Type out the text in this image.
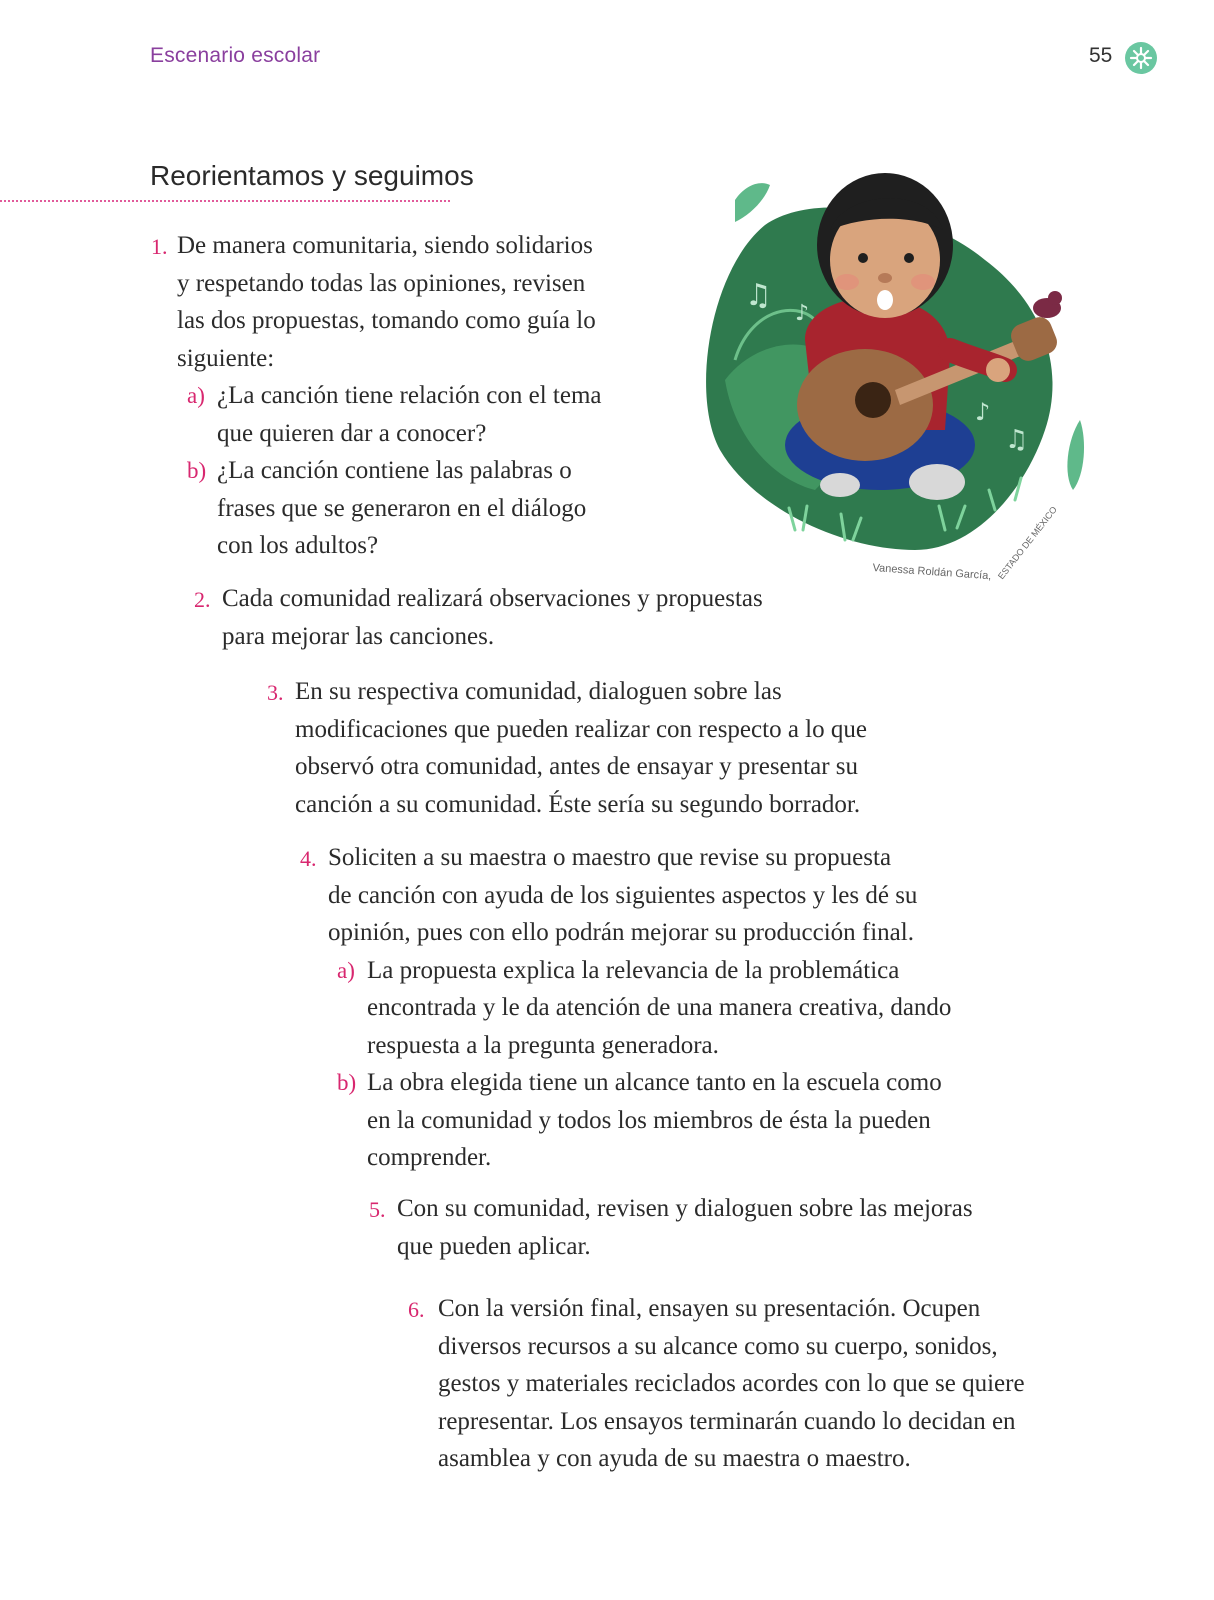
Escenario escolar	55
Reorientamos y seguimos
♫
♪
♪
♫
Vanessa Roldán García, ESTADO DE MÉXICO
1. De manera comunitaria, siendo solidarios
y respetando todas las opiniones, revisen
las dos propuestas, tomando como guía lo
siguiente:
a) ¿La canción tiene relación con el tema
que quieren dar a conocer?
b) ¿La canción contiene las palabras o
frases que se generaron en el diálogo
con los adultos?
2. Cada comunidad realizará observaciones y propuestas
para mejorar las canciones.
3. En su respectiva comunidad, dialoguen sobre las
modificaciones que pueden realizar con respecto a lo que
observó otra comunidad, antes de ensayar y presentar su
canción a su comunidad. Éste sería su segundo borrador.
4. Soliciten a su maestra o maestro que revise su propuesta
de canción con ayuda de los siguientes aspectos y les dé su
opinión, pues con ello podrán mejorar su producción final.
a) La propuesta explica la relevancia de la problemática
encontrada y le da atención de una manera creativa, dando
respuesta a la pregunta generadora.
b) La obra elegida tiene un alcance tanto en la escuela como
en la comunidad y todos los miembros de ésta la pueden
comprender.
5. Con su comunidad, revisen y dialoguen sobre las mejoras
que pueden aplicar.
6. Con la versión final, ensayen su presentación. Ocupen
diversos recursos a su alcance como su cuerpo, sonidos,
gestos y materiales reciclados acordes con lo que se quiere
representar. Los ensayos terminarán cuando lo decidan en
asamblea y con ayuda de su maestra o maestro.
